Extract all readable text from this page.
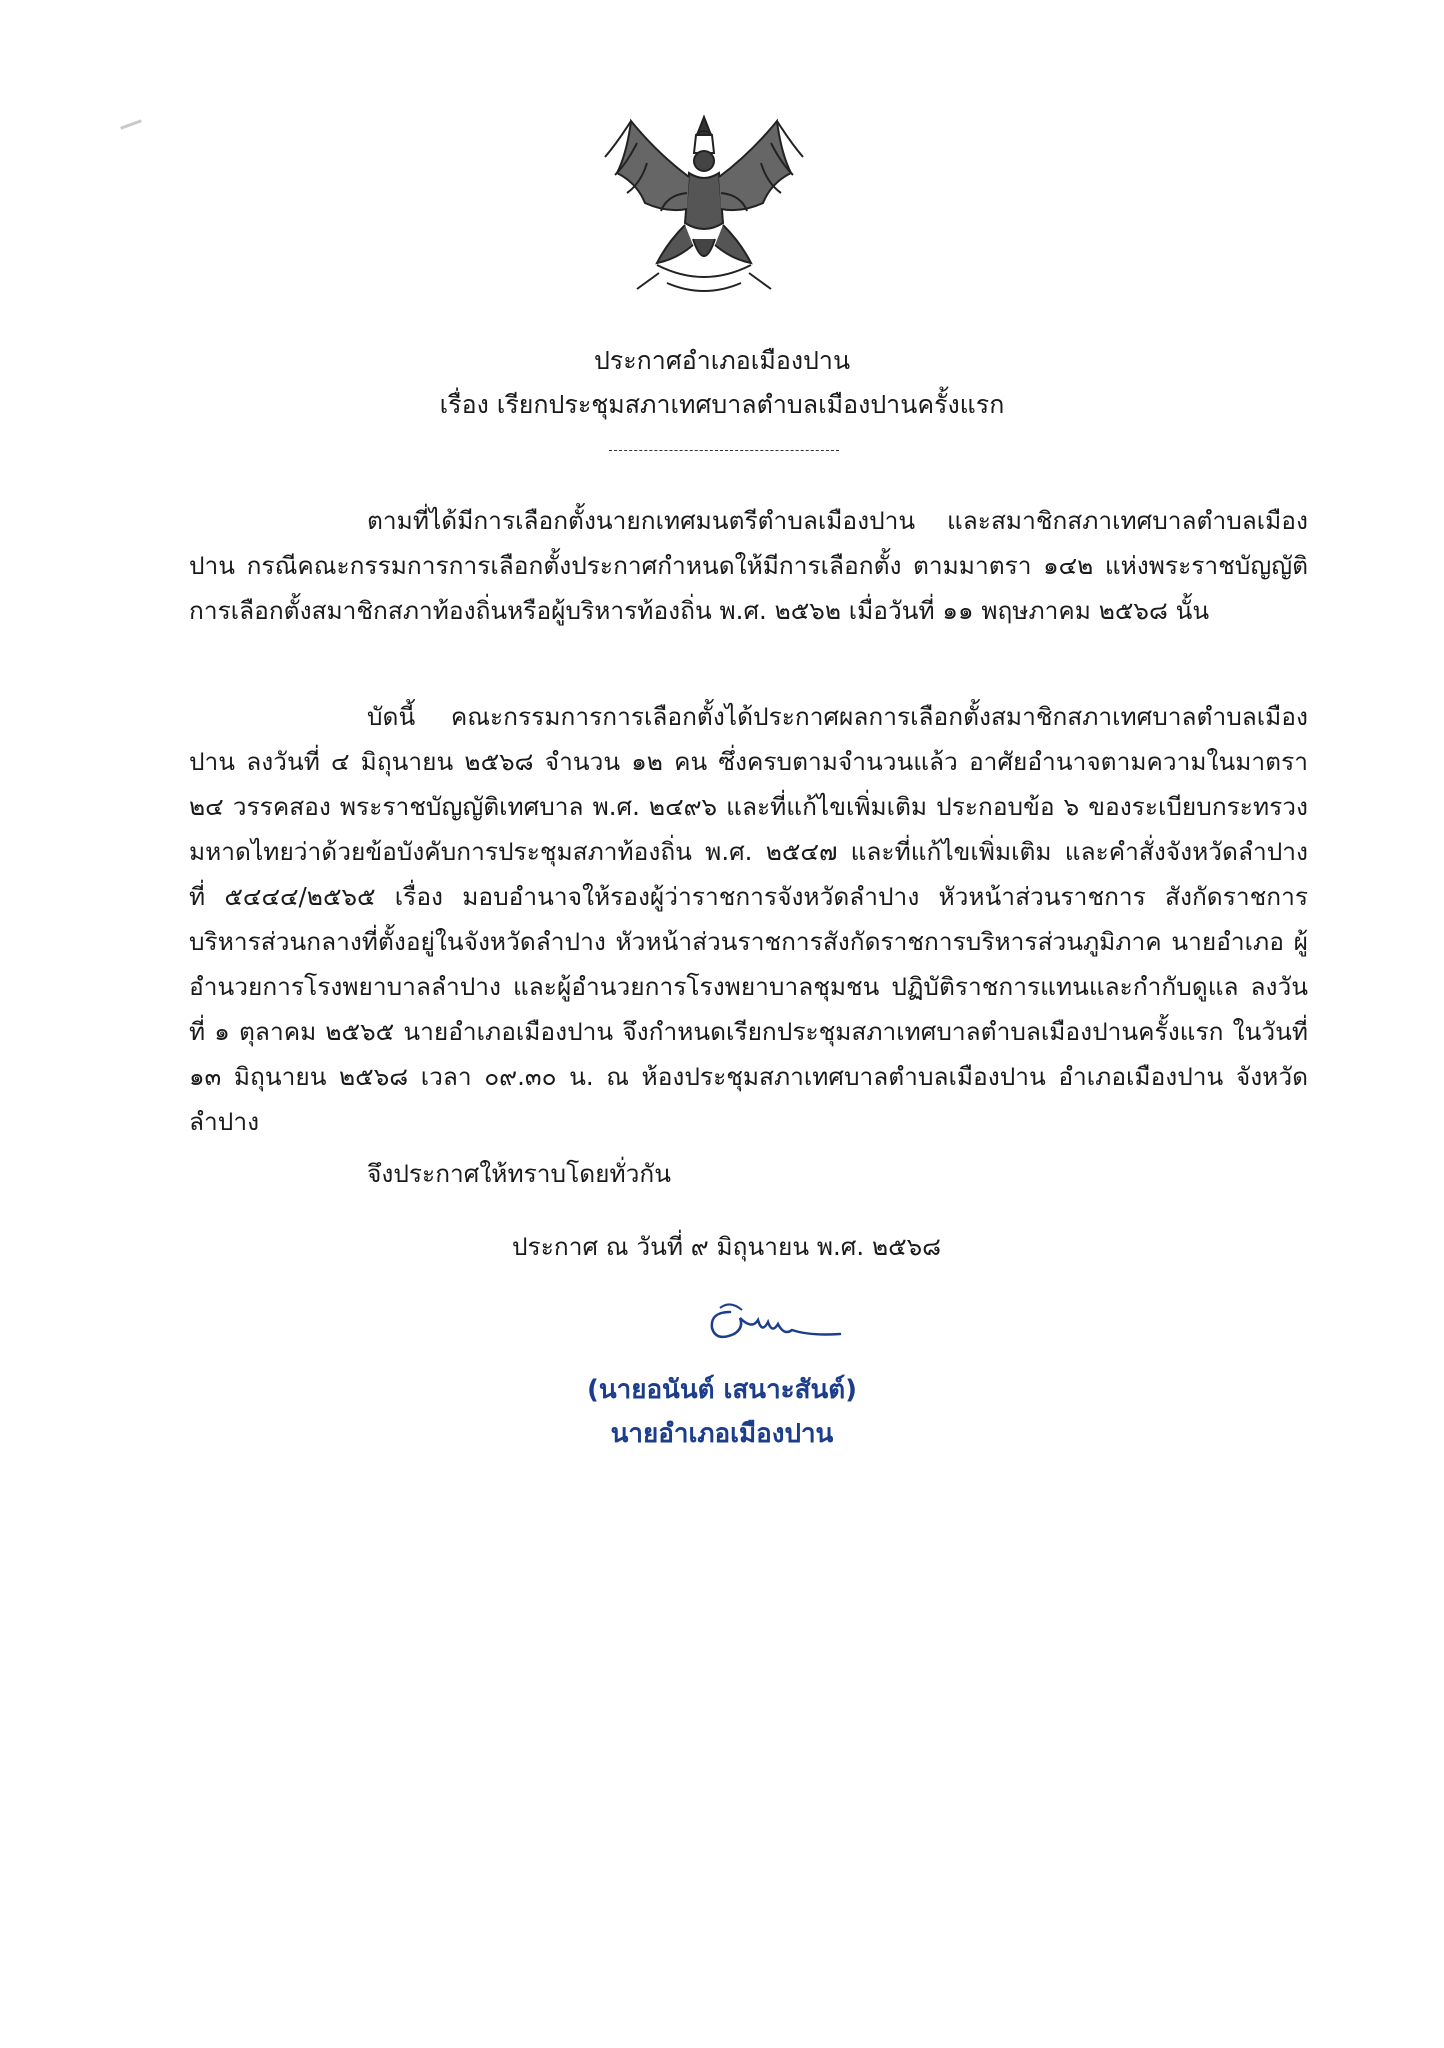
ประกาศอำเภอเมืองปาน
เรื่อง เรียกประชุมสภาเทศบาลตำบลเมืองปานครั้งแรก
ตามที่ได้มีการเลือกตั้งนายกเทศมนตรีตำบลเมืองปาน และสมาชิกสภาเทศบาลตำบลเมืองปาน กรณีคณะกรรมการการเลือกตั้งประกาศกำหนดให้มีการเลือกตั้ง ตามมาตรา ๑๔๒ แห่งพระราชบัญญัติการเลือกตั้งสมาชิกสภาท้องถิ่นหรือผู้บริหารท้องถิ่น พ.ศ. ๒๕๖๒ เมื่อวันที่ ๑๑ พฤษภาคม ๒๕๖๘ นั้น
บัดนี้ คณะกรรมการการเลือกตั้งได้ประกาศผลการเลือกตั้งสมาชิกสภาเทศบาลตำบลเมืองปาน ลงวันที่ ๔ มิถุนายน ๒๕๖๘ จำนวน ๑๒ คน ซึ่งครบตามจำนวนแล้ว อาศัยอำนาจตามความในมาตรา ๒๔ วรรคสอง พระราชบัญญัติเทศบาล พ.ศ. ๒๔๙๖ และที่แก้ไขเพิ่มเติม ประกอบข้อ ๖ ของระเบียบกระทรวงมหาดไทยว่าด้วยข้อบังคับการประชุมสภาท้องถิ่น พ.ศ. ๒๕๔๗ และที่แก้ไขเพิ่มเติม และคำสั่งจังหวัดลำปาง ที่ ๕๔๔๔/๒๕๖๕ เรื่อง มอบอำนาจให้รองผู้ว่าราชการจังหวัดลำปาง หัวหน้าส่วนราชการ สังกัดราชการบริหารส่วนกลางที่ตั้งอยู่ในจังหวัดลำปาง หัวหน้าส่วนราชการสังกัดราชการบริหารส่วนภูมิภาค นายอำเภอ ผู้อำนวยการโรงพยาบาลลำปาง และผู้อำนวยการโรงพยาบาลชุมชน ปฏิบัติราชการแทนและกำกับดูแล ลงวันที่ ๑ ตุลาคม ๒๕๖๕ นายอำเภอเมืองปาน จึงกำหนดเรียกประชุมสภาเทศบาลตำบลเมืองปานครั้งแรก ในวันที่ ๑๓ มิถุนายน ๒๕๖๘ เวลา ๐๙.๓๐ น. ณ ห้องประชุมสภาเทศบาลตำบลเมืองปาน อำเภอเมืองปาน จังหวัดลำปาง
จึงประกาศให้ทราบโดยทั่วกัน
ประกาศ ณ วันที่ ๙ มิถุนายน พ.ศ. ๒๕๖๘
(นายอนันต์ เสนาะสันต์)
นายอำเภอเมืองปาน
